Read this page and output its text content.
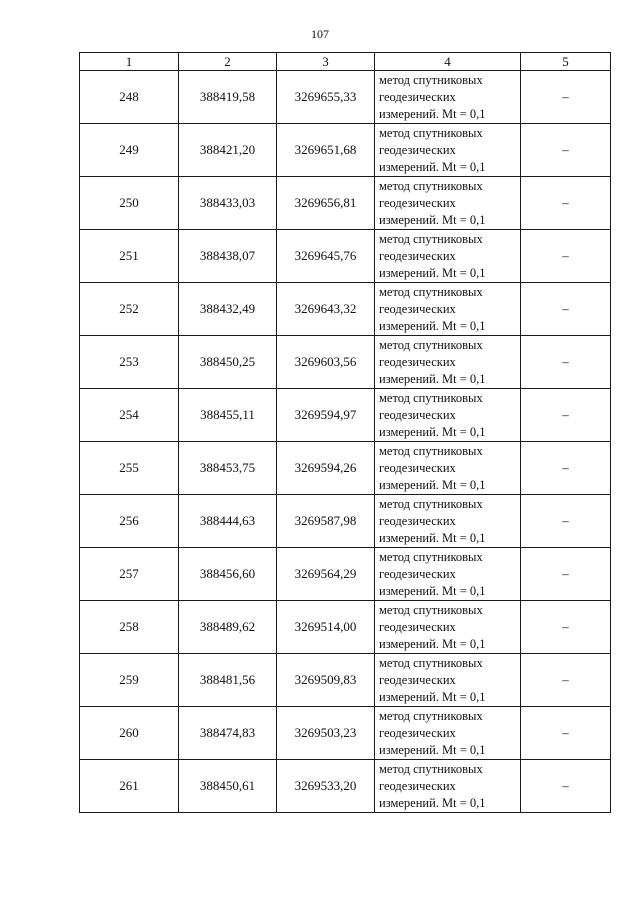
107
1	2	3	4	5
248	388419,58	3269655,33	метод спутниковых
геодезических
измерений. Mt = 0,1	–
249	388421,20	3269651,68	метод спутниковых
геодезических
измерений. Mt = 0,1	–
250	388433,03	3269656,81	метод спутниковых
геодезических
измерений. Mt = 0,1	–
251	388438,07	3269645,76	метод спутниковых
геодезических
измерений. Mt = 0,1	–
252	388432,49	3269643,32	метод спутниковых
геодезических
измерений. Mt = 0,1	–
253	388450,25	3269603,56	метод спутниковых
геодезических
измерений. Mt = 0,1	–
254	388455,11	3269594,97	метод спутниковых
геодезических
измерений. Mt = 0,1	–
255	388453,75	3269594,26	метод спутниковых
геодезических
измерений. Mt = 0,1	–
256	388444,63	3269587,98	метод спутниковых
геодезических
измерений. Mt = 0,1	–
257	388456,60	3269564,29	метод спутниковых
геодезических
измерений. Mt = 0,1	–
258	388489,62	3269514,00	метод спутниковых
геодезических
измерений. Mt = 0,1	–
259	388481,56	3269509,83	метод спутниковых
геодезических
измерений. Mt = 0,1	–
260	388474,83	3269503,23	метод спутниковых
геодезических
измерений. Mt = 0,1	–
261	388450,61	3269533,20	метод спутниковых
геодезических
измерений. Mt = 0,1	–
